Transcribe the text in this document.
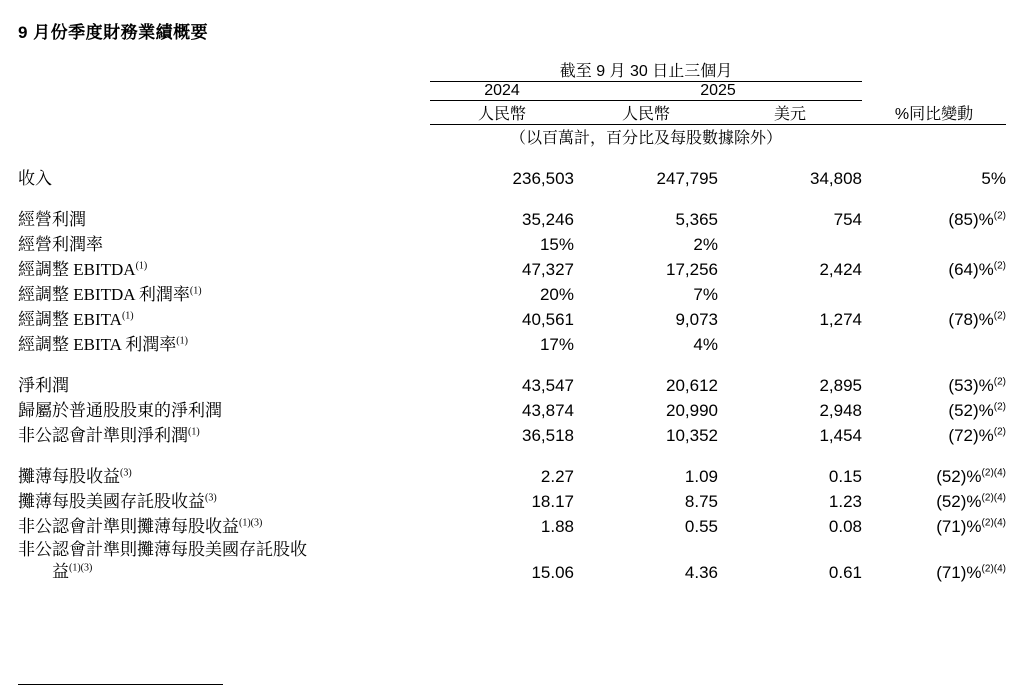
9 月份季度財務業績概要
	截至 9 月 30 日止三個月			
	2024	2025		
	人民幣	人民幣	美元	%同比變動
	（以百萬計，百分比及每股數據除外）			

收入	236,503	247,795	34,808	5%

經營利潤	35,246	5,365	754	(85)%$^{(2)}$
經營利潤率	15%	2%		
經調整 EBITDA$^{(1)}$	47,327	17,256	2,424	(64)%$^{(2)}$
經調整 EBITDA 利潤率$^{(1)}$	20%	7%		
經調整 EBITA$^{(1)}$	40,561	9,073	1,274	(78)%$^{(2)}$
經調整 EBITA 利潤率$^{(1)}$	17%	4%		

淨利潤	43,547	20,612	2,895	(53)%$^{(2)}$
歸屬於普通股股東的淨利潤	43,874	20,990	2,948	(52)%$^{(2)}$
非公認會計準則淨利潤$^{(1)}$	36,518	10,352	1,454	(72)%$^{(2)}$

攤薄每股收益$^{(3)}$	2.27	1.09	0.15	(52)%$^{(2)(4)}$
攤薄每股美國存託股收益$^{(3)}$	18.17	8.75	1.23	(52)%$^{(2)(4)}$
非公認會計準則攤薄每股收益$^{(1)(3)}$	1.88	0.55	0.08	(71)%$^{(2)(4)}$
非公認會計準則攤薄每股美國存託股收
益$^{(1)(3)}$	15.06	4.36	0.61	(71)%$^{(2)(4)}$
